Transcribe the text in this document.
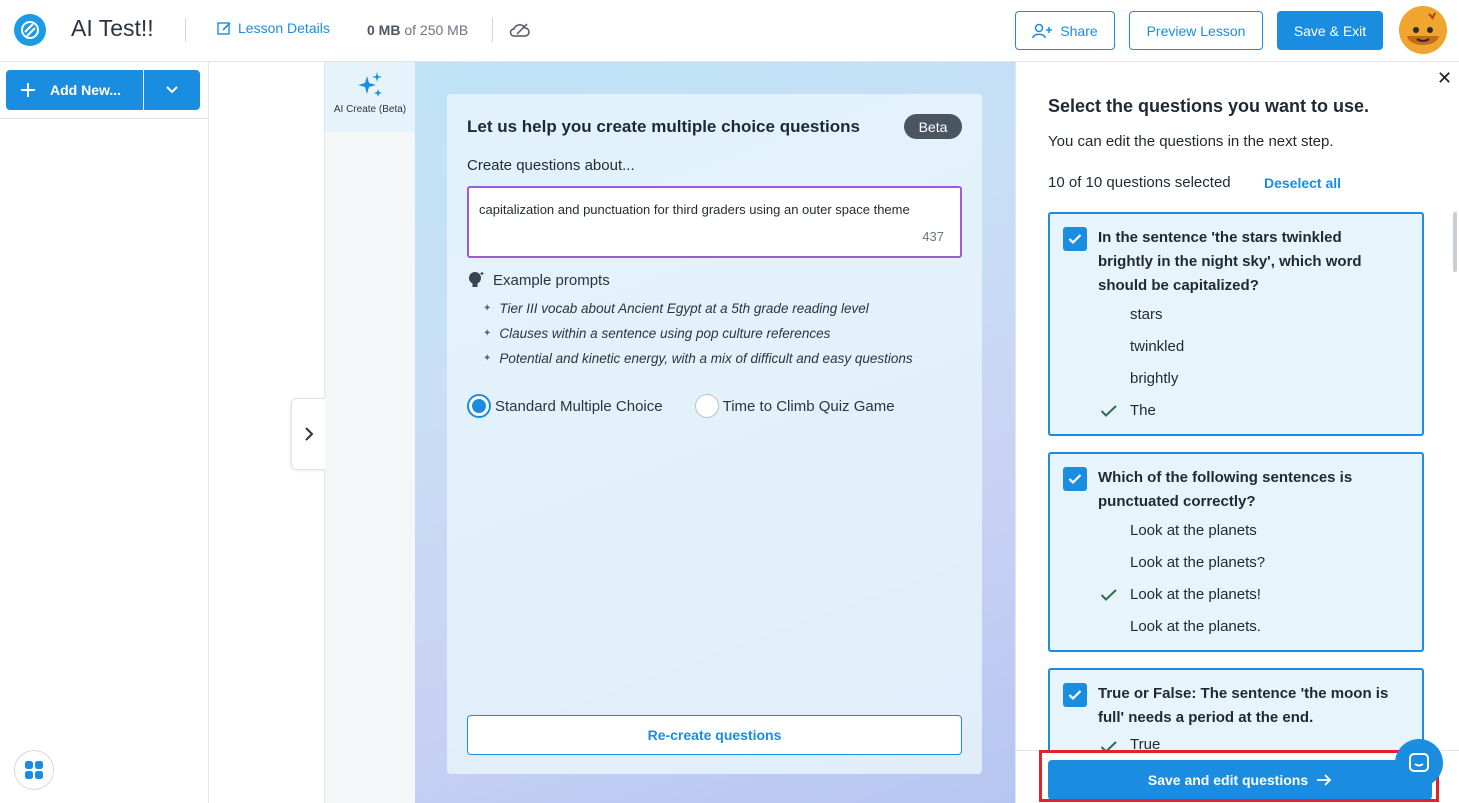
AI Test!!	Lesson Details	0 MB of 250 MB	Share	Preview Lesson	Save & Exit
Add New...
AI Create (Beta)
Let us help you create multiple choice questions	Beta
Create questions about...
capitalization and punctuation for third graders using an outer space theme
437
Example prompts
✦ Tier III vocab about Ancient Egypt at a 5th grade reading level
✦ Clauses within a sentence using pop culture references
✦ Potential and kinetic energy, with a mix of difficult and easy questions
Standard Multiple Choice	Time to Climb Quiz Game
Re-create questions
✕
Select the questions you want to use.
You can edit the questions in the next step.
10 of 10 questions selected Deselect all
In the sentence 'the stars twinkled brightly in the night sky', which word should be capitalized?
stars
twinkled
brightly
The
Which of the following sentences is punctuated correctly?
Look at the planets
Look at the planets?
Look at the planets!
Look at the planets.
True or False: The sentence 'the moon is full' needs a period at the end.
True
Save and edit questions
